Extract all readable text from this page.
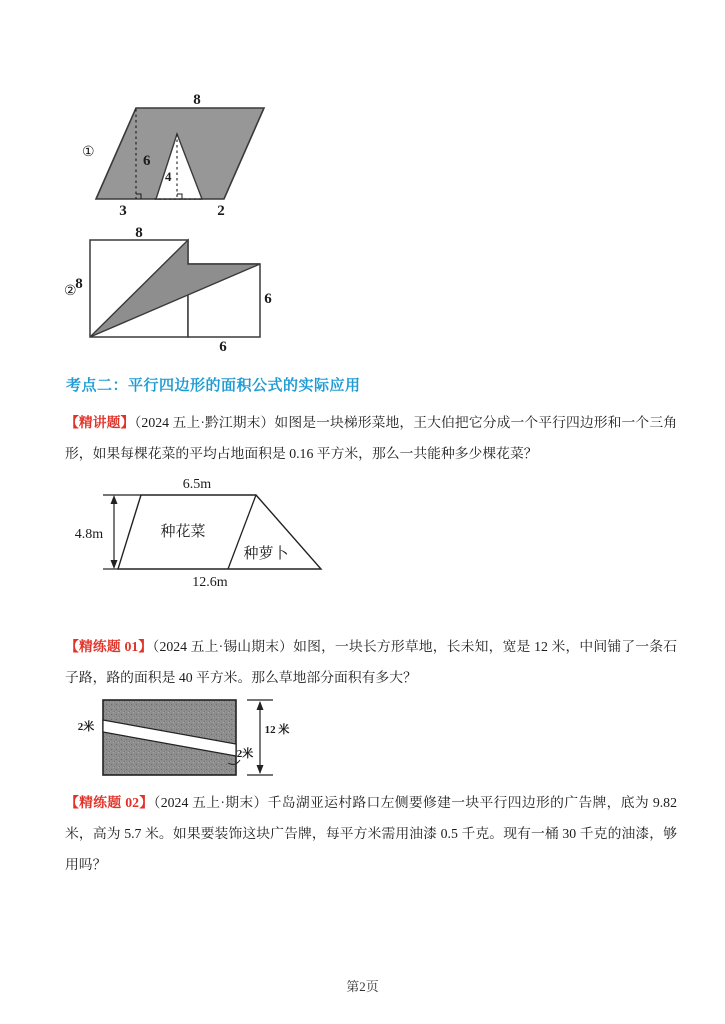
①
8
6
4
3	2
②
8
8
6
6
考点二：平行四边形的面积公式的实际应用

【精讲题】（2024 五上·黔江期末）如图是一块梯形菜地，王大伯把它分成一个平行四边形和一个三角形，如果每棵花菜的平均占地面积是 0.16 平方米，那么一共能种多少棵花菜？

6.5m
4.8m	种花菜
种萝卜
12.6m

【精练题 01】（2024 五上·锡山期末）如图，一块长方形草地，长未知，宽是 12 米，中间铺了一条石子路，路的面积是 40 平方米。那么草地部分面积有多大？

2米	12 米
2米

【精练题 02】（2024 五上·期末）千岛湖亚运村路口左侧要修建一块平行四边形的广告牌，底为 9.82 米，高为 5.7 米。如果要装饰这块广告牌，每平方米需用油漆 0.5 千克。现有一桶 30 千克的油漆，够用吗？

第2页
